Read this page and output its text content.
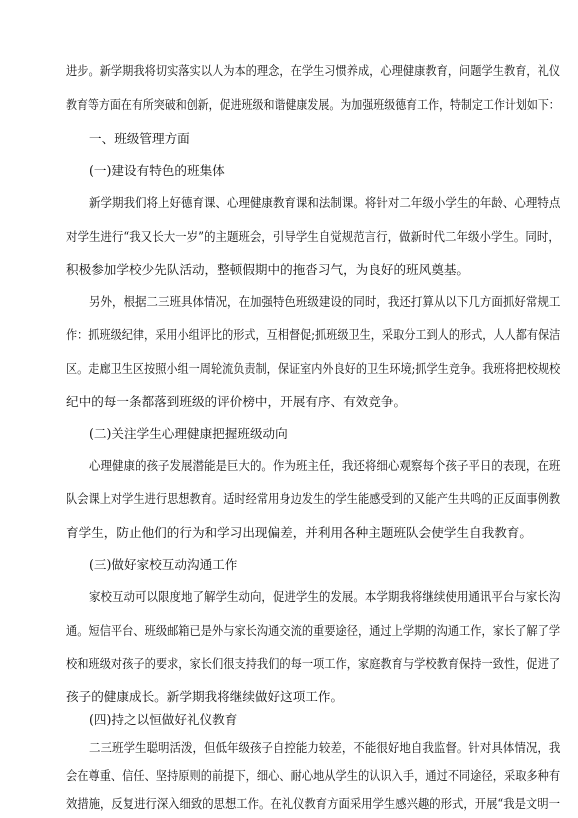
进步。新学期我将切实落实以人为本的理念，在学生习惯养成，心理健康教育，问题学生教育，礼仪

教育等方面在有所突破和创新，促进班级和谐健康发展。为加强班级德育工作，特制定工作计划如下：

一、班级管理方面

(一)建设有特色的班集体

新学期我们将上好德育课、心理健康教育课和法制课。将针对二年级小学生的年龄、心理特点

对学生进行“我又长大一岁”的主题班会，引导学生自觉规范言行，做新时代二年级小学生。同时，

积极参加学校少先队活动，整顿假期中的拖沓习气，为良好的班风奠基。

另外，根据二三班具体情况，在加强特色班级建设的同时，我还打算从以下几方面抓好常规工

作：抓班级纪律，采用小组评比的形式，互相督促;抓班级卫生，采取分工到人的形式，人人都有保洁

区。走廊卫生区按照小组一周轮流负责制，保证室内外良好的卫生环境;抓学生竞争。我班将把校规校

纪中的每一条都落到班级的评价榜中，开展有序、有效竞争。

(二)关注学生心理健康把握班级动向

心理健康的孩子发展潜能是巨大的。作为班主任，我还将细心观察每个孩子平日的表现，在班

队会课上对学生进行思想教育。适时经常用身边发生的学生能感受到的又能产生共鸣的正反面事例教

育学生，防止他们的行为和学习出现偏差，并利用各种主题班队会使学生自我教育。

(三)做好家校互动沟通工作

家校互动可以限度地了解学生动向，促进学生的发展。本学期我将继续使用通讯平台与家长沟

通。短信平台、班级邮箱已是外与家长沟通交流的重要途径，通过上学期的沟通工作，家长了解了学

校和班级对孩子的要求，家长们很支持我们的每一项工作，家庭教育与学校教育保持一致性，促进了

孩子的健康成长。新学期我将继续做好这项工作。

(四)持之以恒做好礼仪教育

二三班学生聪明活泼，但低年级孩子自控能力较差，不能很好地自我监督。针对具体情况，我

会在尊重、信任、坚持原则的前提下，细心、耐心地从学生的认识入手，通过不同途径，采取多种有

效措施，反复进行深入细致的思想工作。在礼仪教育方面采用学生感兴趣的形式，开展“我是文明一
